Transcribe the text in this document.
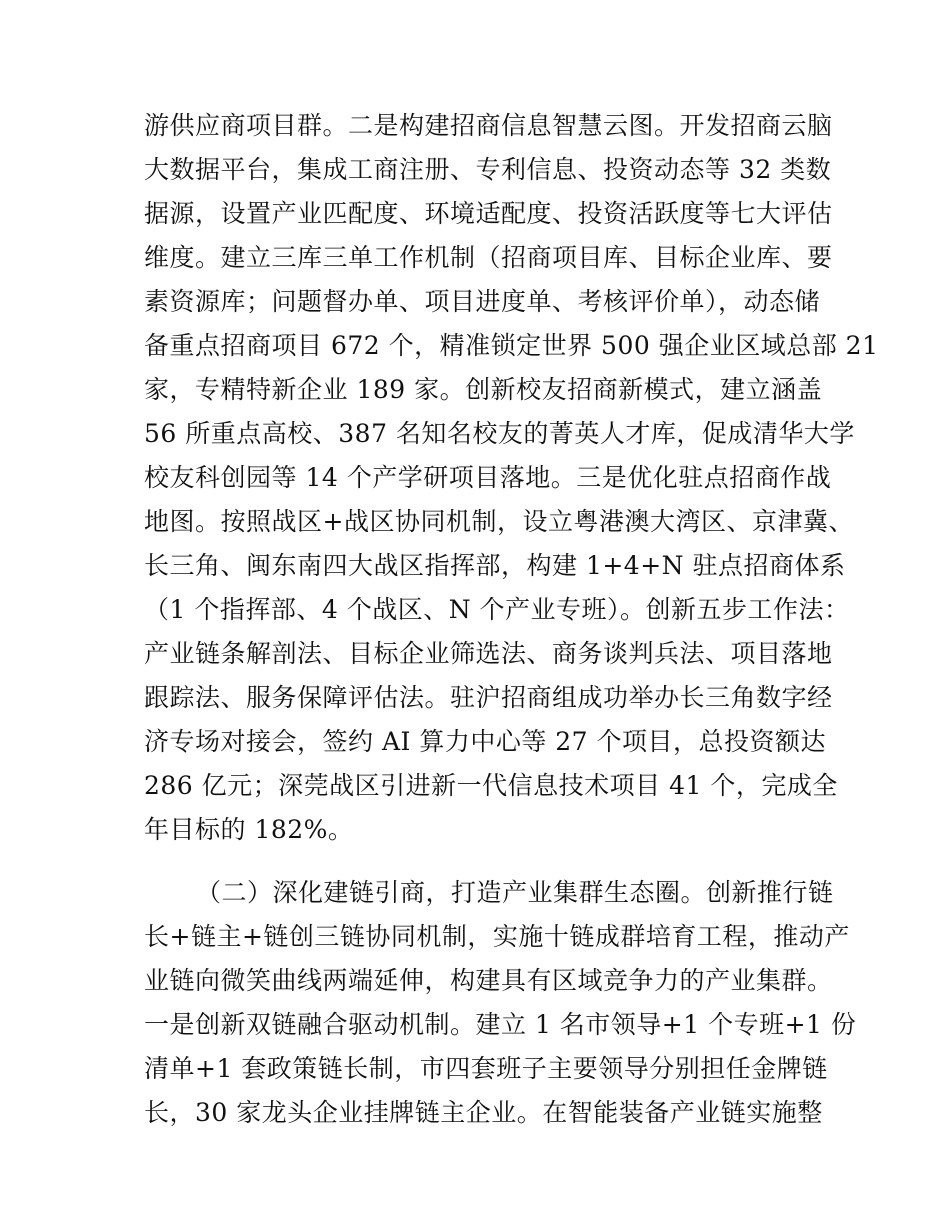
游供应商项目群。二是构建招商信息智慧云图。开发招商云脑
大数据平台，集成工商注册、专利信息、投资动态等 32 类数
据源，设置产业匹配度、环境适配度、投资活跃度等七大评估
维度。建立三库三单工作机制（招商项目库、目标企业库、要
素资源库；问题督办单、项目进度单、考核评价单），动态储
备重点招商项目 672 个，精准锁定世界 500 强企业区域总部 21
家，专精特新企业 189 家。创新校友招商新模式，建立涵盖
56 所重点高校、387 名知名校友的菁英人才库，促成清华大学
校友科创园等 14 个产学研项目落地。三是优化驻点招商作战
地图。按照战区+战区协同机制，设立粤港澳大湾区、京津冀、
长三角、闽东南四大战区指挥部，构建 1+4+N 驻点招商体系
（1 个指挥部、4 个战区、N 个产业专班）。创新五步工作法：
产业链条解剖法、目标企业筛选法、商务谈判兵法、项目落地
跟踪法、服务保障评估法。驻沪招商组成功举办长三角数字经
济专场对接会，签约 AI 算力中心等 27 个项目，总投资额达
286 亿元；深莞战区引进新一代信息技术项目 41 个，完成全
年目标的 182%。
（二）深化建链引商，打造产业集群生态圈。创新推行链
长+链主+链创三链协同机制，实施十链成群培育工程，推动产
业链向微笑曲线两端延伸，构建具有区域竞争力的产业集群。
一是创新双链融合驱动机制。建立 1 名市领导+1 个专班+1 份
清单+1 套政策链长制，市四套班子主要领导分别担任金牌链
长，30 家龙头企业挂牌链主企业。在智能装备产业链实施整
